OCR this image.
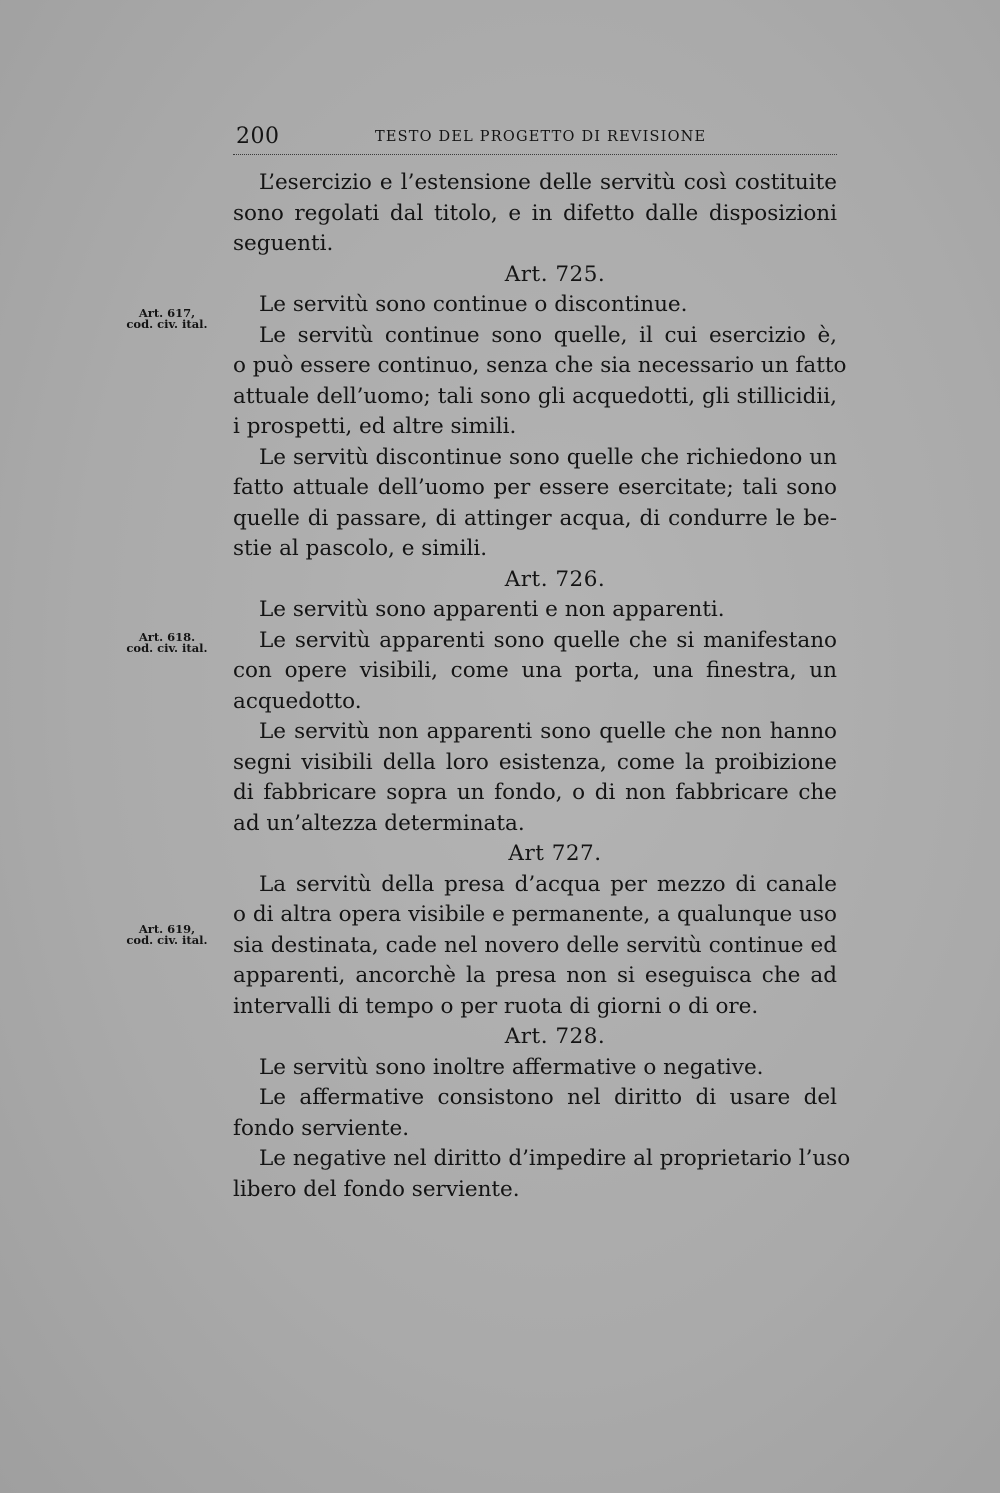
200	TESTO DEL PROGETTO DI REVISIONE
Art. 617,
cod. civ. ital.
Art. 618.
cod. civ. ital.
Art. 619,
cod. civ. ital.
L’esercizio e l’estensione delle servitù così costituite
sono regolati dal titolo, e in difetto dalle disposizioni
seguenti.
Art. 725.
Le servitù sono continue o discontinue.
Le servitù continue sono quelle, il cui esercizio è,
o può essere continuo, senza che sia necessario un fatto
attuale dell’uomo; tali sono gli acquedotti, gli stillicidii,
i prospetti, ed altre simili.
Le servitù discontinue sono quelle che richiedono un
fatto attuale dell’uomo per essere esercitate; tali sono
quelle di passare, di attinger acqua, di condurre le be-
stie al pascolo, e simili.
Art. 726.
Le servitù sono apparenti e non apparenti.
Le servitù apparenti sono quelle che si manifestano
con opere visibili, come una porta, una finestra, un
acquedotto.
Le servitù non apparenti sono quelle che non hanno
segni visibili della loro esistenza, come la proibizione
di fabbricare sopra un fondo, o di non fabbricare che
ad un’altezza determinata.
Art 727.
La servitù della presa d’acqua per mezzo di canale
o di altra opera visibile e permanente, a qualunque uso
sia destinata, cade nel novero delle servitù continue ed
apparenti, ancorchè la presa non si eseguisca che ad
intervalli di tempo o per ruota di giorni o di ore.
Art. 728.
Le servitù sono inoltre affermative o negative.
Le affermative consistono nel diritto di usare del
fondo serviente.
Le negative nel diritto d’impedire al proprietario l’uso
libero del fondo serviente.
